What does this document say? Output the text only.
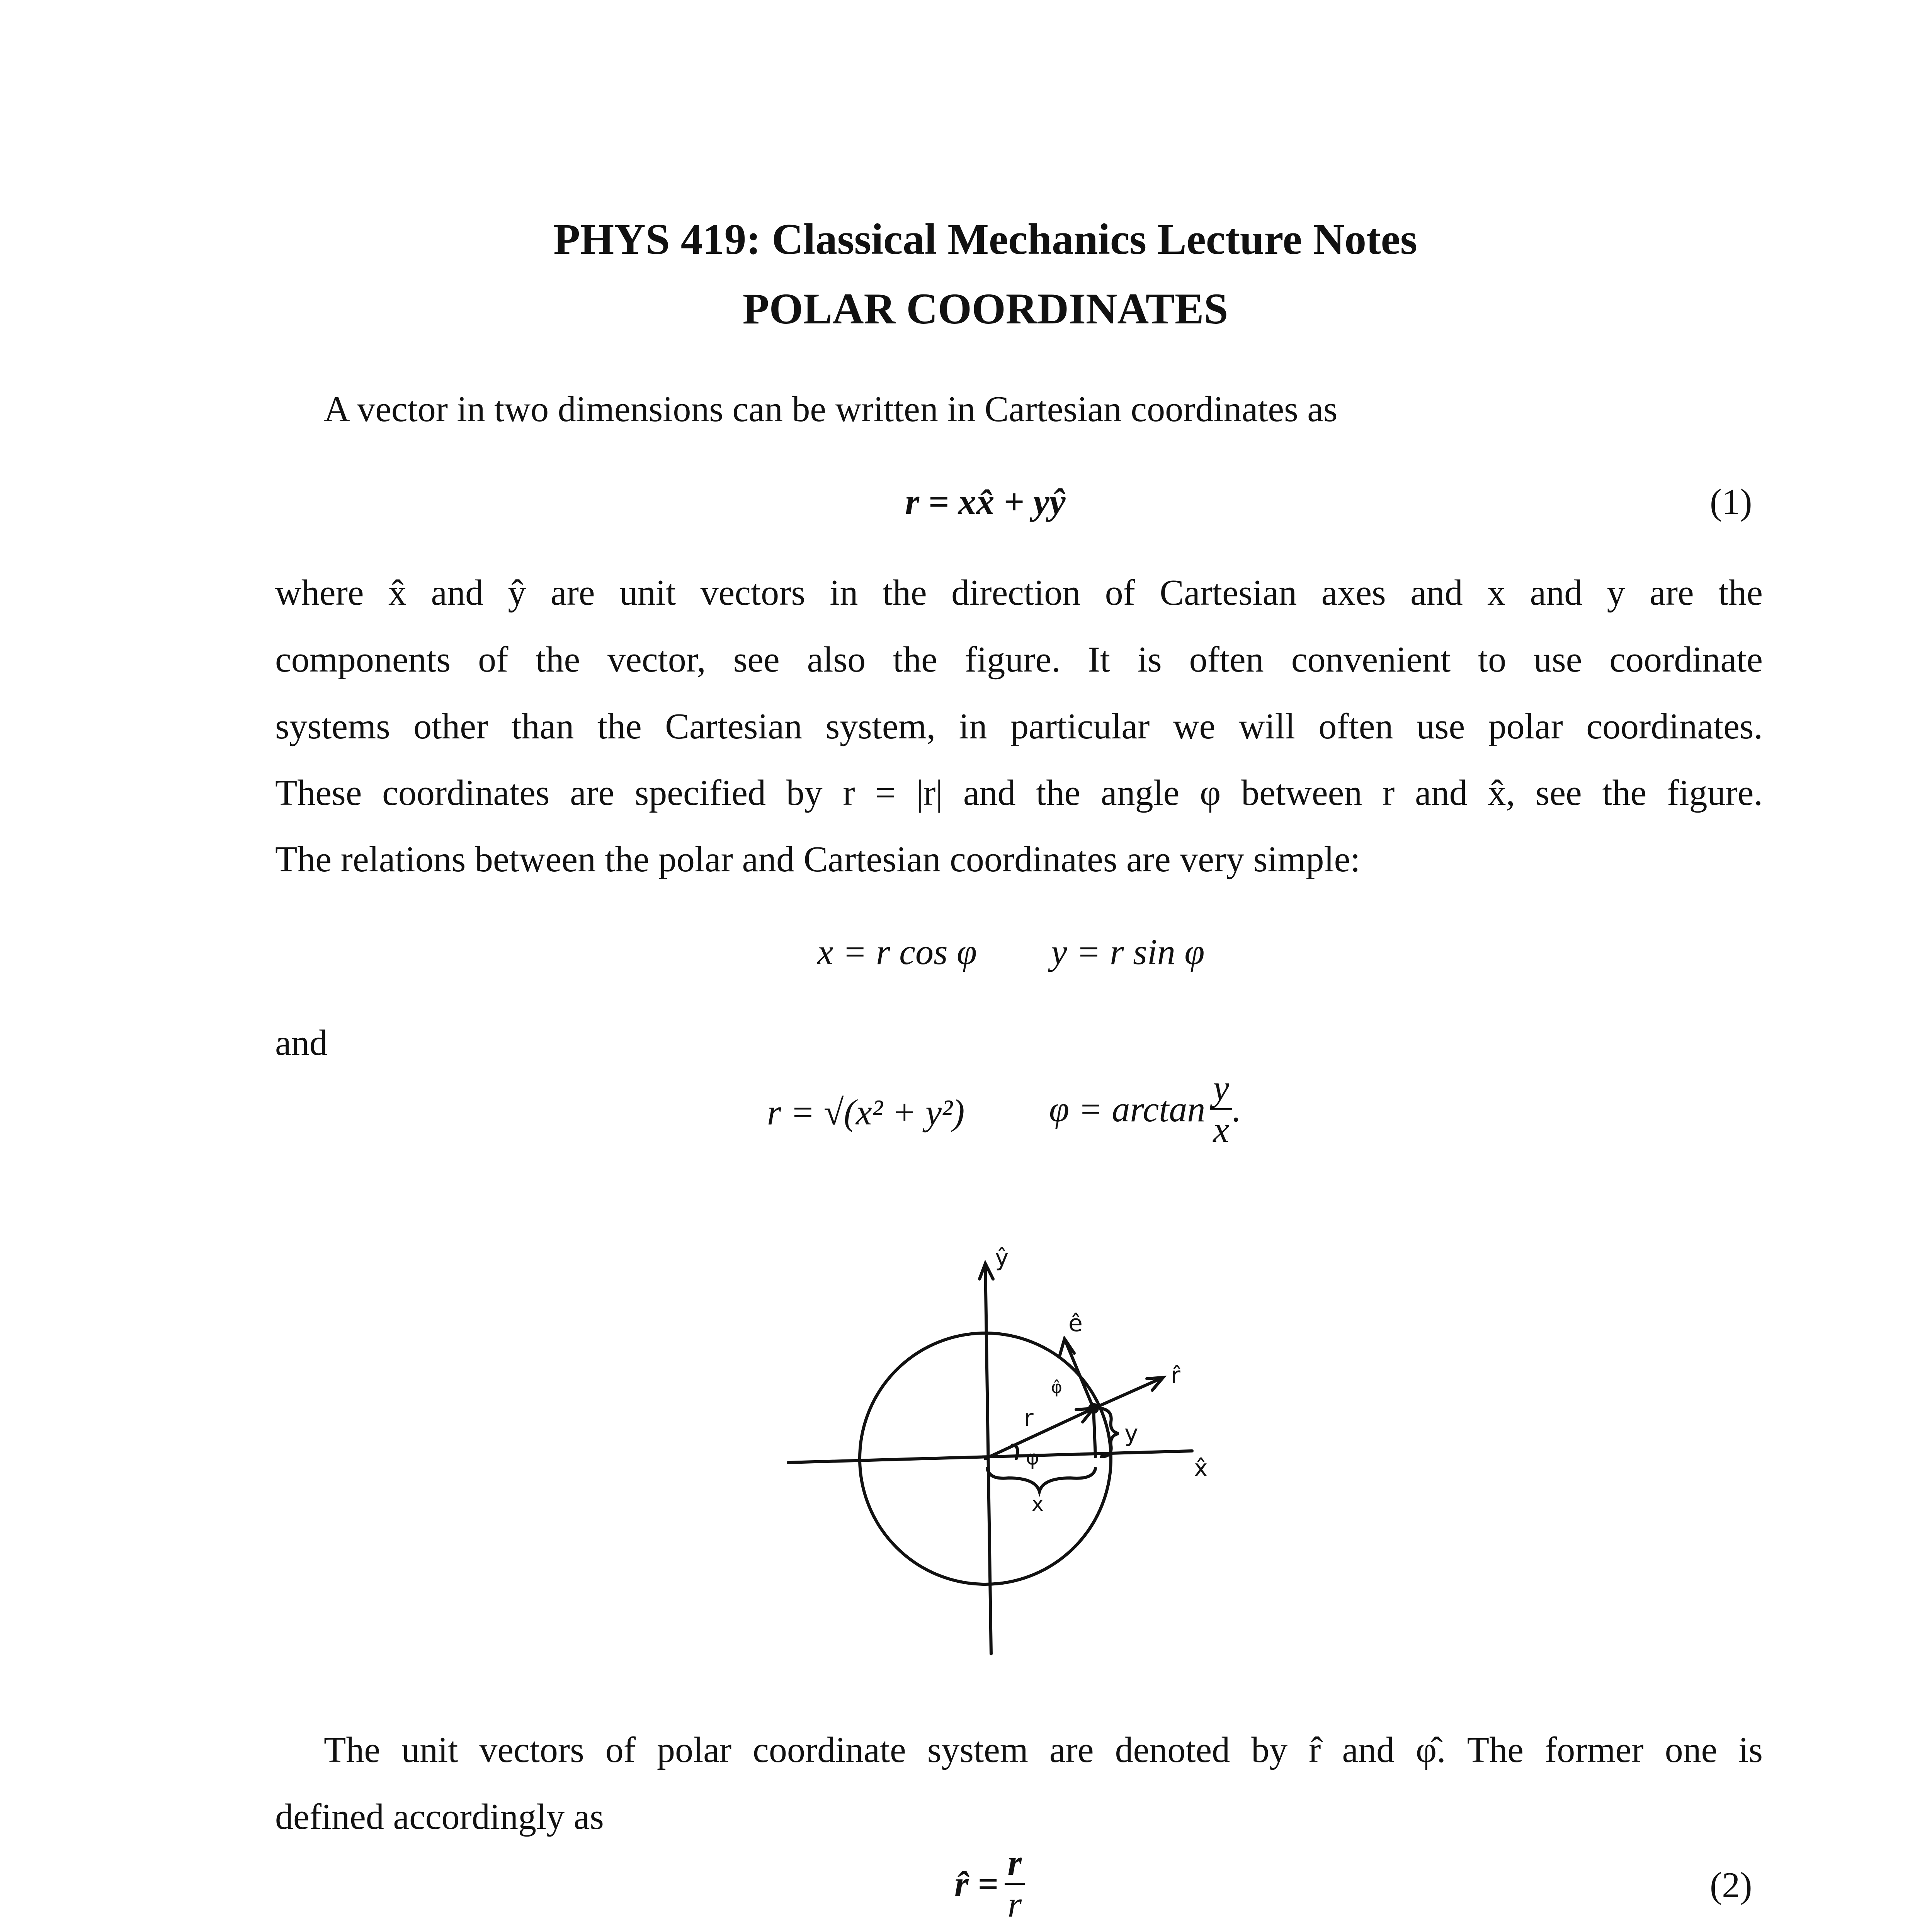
PHYS 419: Classical Mechanics Lecture Notes
POLAR COORDINATES
A vector in two dimensions can be written in Cartesian coordinates as
r = xx̂ + yŷ	(1)
where x̂ and ŷ are unit vectors in the direction of Cartesian axes and x and y are the
components of the vector, see also the figure. It is often convenient to use coordinate
systems other than the Cartesian system, in particular we will often use polar coordinates.
These coordinates are specified by r = |r| and the angle φ between r and x̂, see the figure.
The relations between the polar and Cartesian coordinates are very simple:
x = r cos φ y = r sin φ
and
r = √(x² + y²) $\varphi = \arctan \frac{y}{x}$ .
ŷ
ê
φ̂	r̂
r
y
φ
x
x̂
The unit vectors of polar coordinate system are denoted by r̂ and φ̂. The former one is
defined accordingly as
r̂ = $\frac{r}{r}$	(2)
